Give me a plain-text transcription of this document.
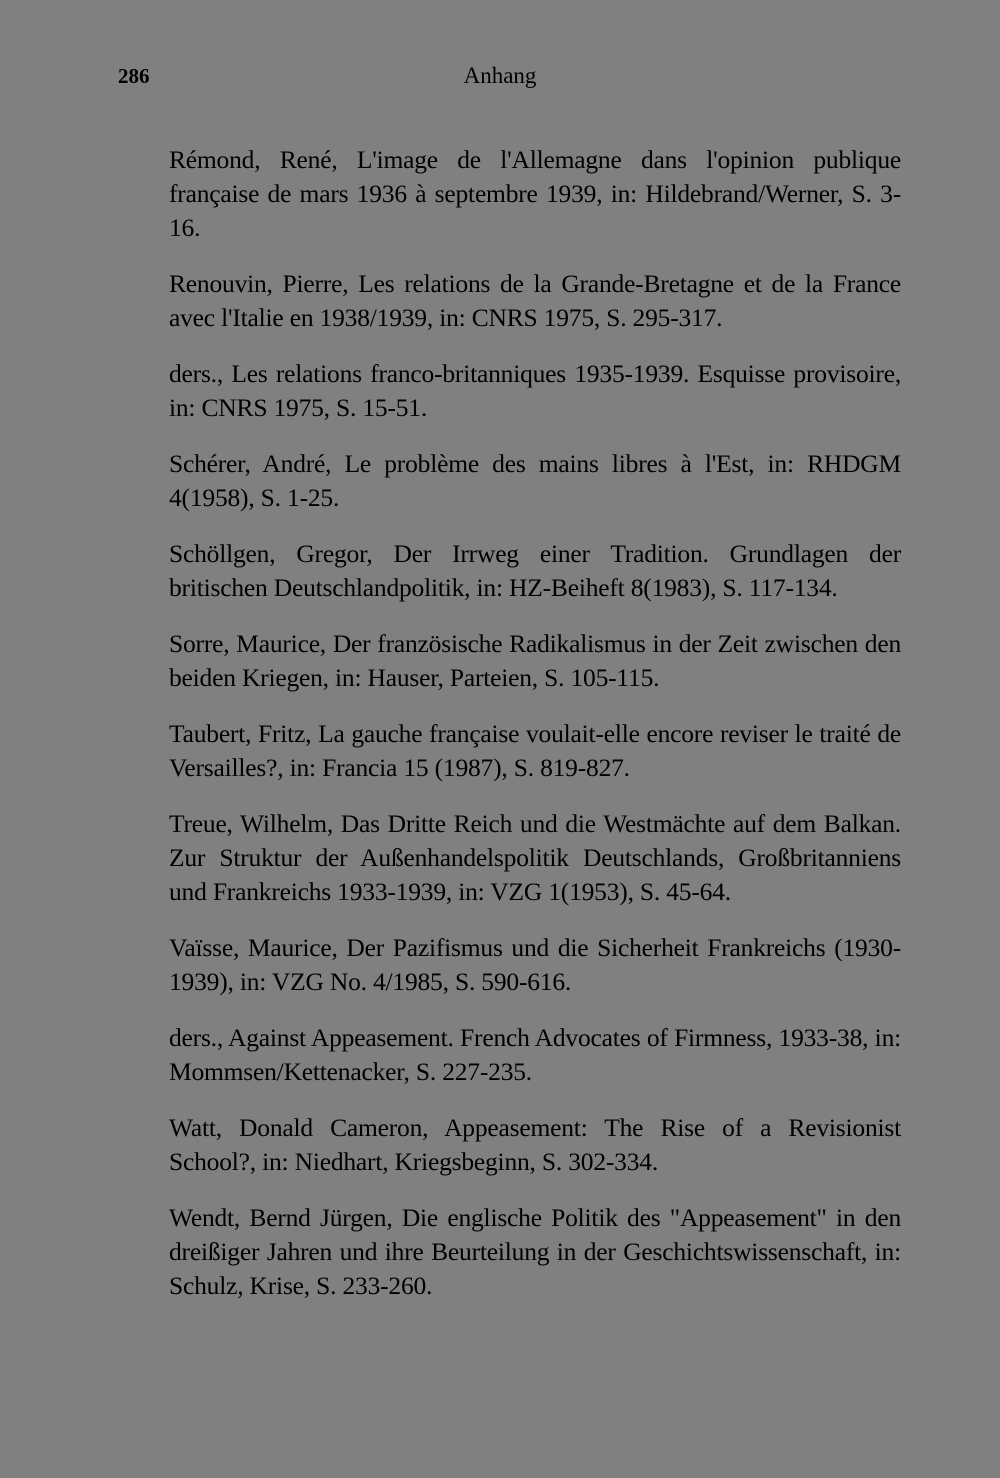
286	Anhang
Rémond, René, L'image de l'Allemagne dans l'opinion publique française de mars 1936 à septembre 1939, in: Hildebrand/Werner, S. 3-16.
Renouvin, Pierre, Les relations de la Grande-Bretagne et de la France avec l'Italie en 1938/1939, in: CNRS 1975, S. 295-317.
ders., Les relations franco-britanniques 1935-1939. Esquisse provisoire, in: CNRS 1975, S. 15-51.
Schérer, André, Le problème des mains libres à l'Est, in: RHDGM 4(1958), S. 1-25.
Schöllgen, Gregor, Der Irrweg einer Tradition. Grundlagen der britischen Deutschlandpolitik, in: HZ-Beiheft 8(1983), S. 117-134.
Sorre, Maurice, Der französische Radikalismus in der Zeit zwischen den beiden Kriegen, in: Hauser, Parteien, S. 105-115.
Taubert, Fritz, La gauche française voulait-elle encore reviser le traité de Versailles?, in: Francia 15 (1987), S. 819-827.
Treue, Wilhelm, Das Dritte Reich und die Westmächte auf dem Balkan. Zur Struktur der Außenhandelspolitik Deutschlands, Großbritanniens und Frankreichs 1933-1939, in: VZG 1(1953), S. 45-64.
Vaïsse, Maurice, Der Pazifismus und die Sicherheit Frankreichs (1930-1939), in: VZG No. 4/1985, S. 590-616.
ders., Against Appeasement. French Advocates of Firmness, 1933-38, in: Mommsen/Kettenacker, S. 227-235.
Watt, Donald Cameron, Appeasement: The Rise of a Revisionist School?, in: Niedhart, Kriegsbeginn, S. 302-334.
Wendt, Bernd Jürgen, Die englische Politik des "Appeasement" in den dreißiger Jahren und ihre Beurteilung in der Geschichtswissenschaft, in: Schulz, Krise, S. 233-260.
